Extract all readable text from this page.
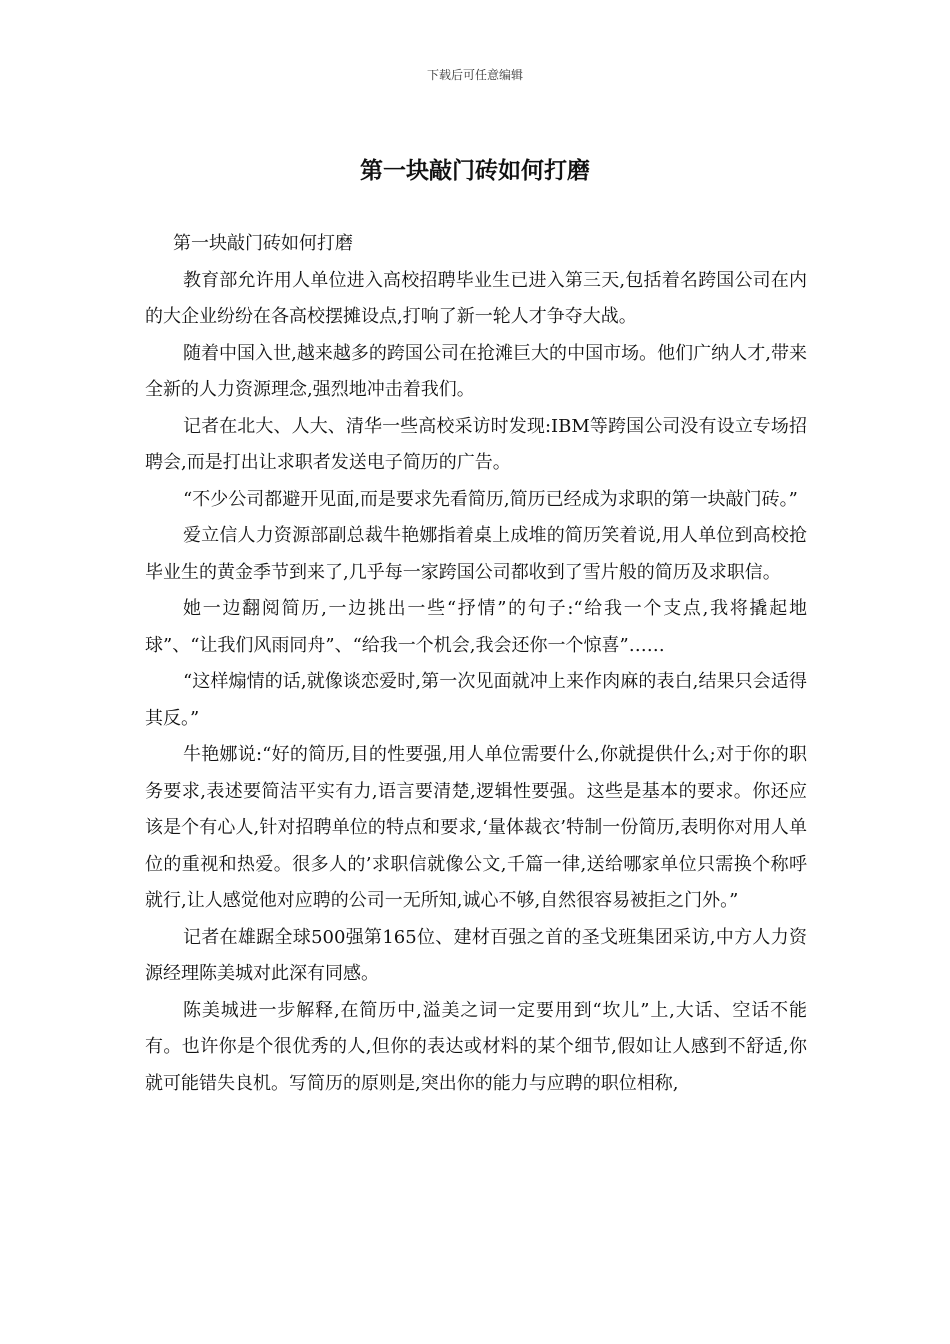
下载后可任意编辑
第一块敲门砖如何打磨

第一块敲门砖如何打磨

教育部允许用人单位进入高校招聘毕业生已进入第三天,包括着名跨国公司在内的大企业纷纷在各高校摆摊设点,打响了新一轮人才争夺大战。

随着中国入世,越来越多的跨国公司在抢滩巨大的中国市场。他们广纳人才,带来全新的人力资源理念,强烈地冲击着我们。

记者在北大、人大、清华一些高校采访时发现:IBM等跨国公司没有设立专场招聘会,而是打出让求职者发送电子简历的广告。

“不少公司都避开见面,而是要求先看简历,简历已经成为求职的第一块敲门砖。”

爱立信人力资源部副总裁牛艳娜指着桌上成堆的简历笑着说,用人单位到高校抢毕业生的黄金季节到来了,几乎每一家跨国公司都收到了雪片般的简历及求职信。

她一边翻阅简历,一边挑出一些“抒情”的句子:“给我一个支点,我将撬起地球”、“让我们风雨同舟”、“给我一个机会,我会还你一个惊喜”……

“这样煽情的话,就像谈恋爱时,第一次见面就冲上来作肉麻的表白,结果只会适得其反。”

牛艳娜说:“好的简历,目的性要强,用人单位需要什么,你就提供什么;对于你的职务要求,表述要简洁平实有力,语言要清楚,逻辑性要强。这些是基本的要求。你还应该是个有心人,针对招聘单位的特点和要求,‘量体裁衣’特制一份简历,表明你对用人单位的重视和热爱。很多人的’求职信就像公文,千篇一律,送给哪家单位只需换个称呼就行,让人感觉他对应聘的公司一无所知,诚心不够,自然很容易被拒之门外。”

记者在雄踞全球500强第165位、建材百强之首的圣戈班集团采访,中方人力资源经理陈美城对此深有同感。

陈美城进一步解释,在简历中,溢美之词一定要用到“坎儿”上,大话、空话不能有。也许你是个很优秀的人,但你的表达或材料的某个细节,假如让人感到不舒适,你就可能错失良机。写简历的原则是,突出你的能力与应聘的职位相称,
